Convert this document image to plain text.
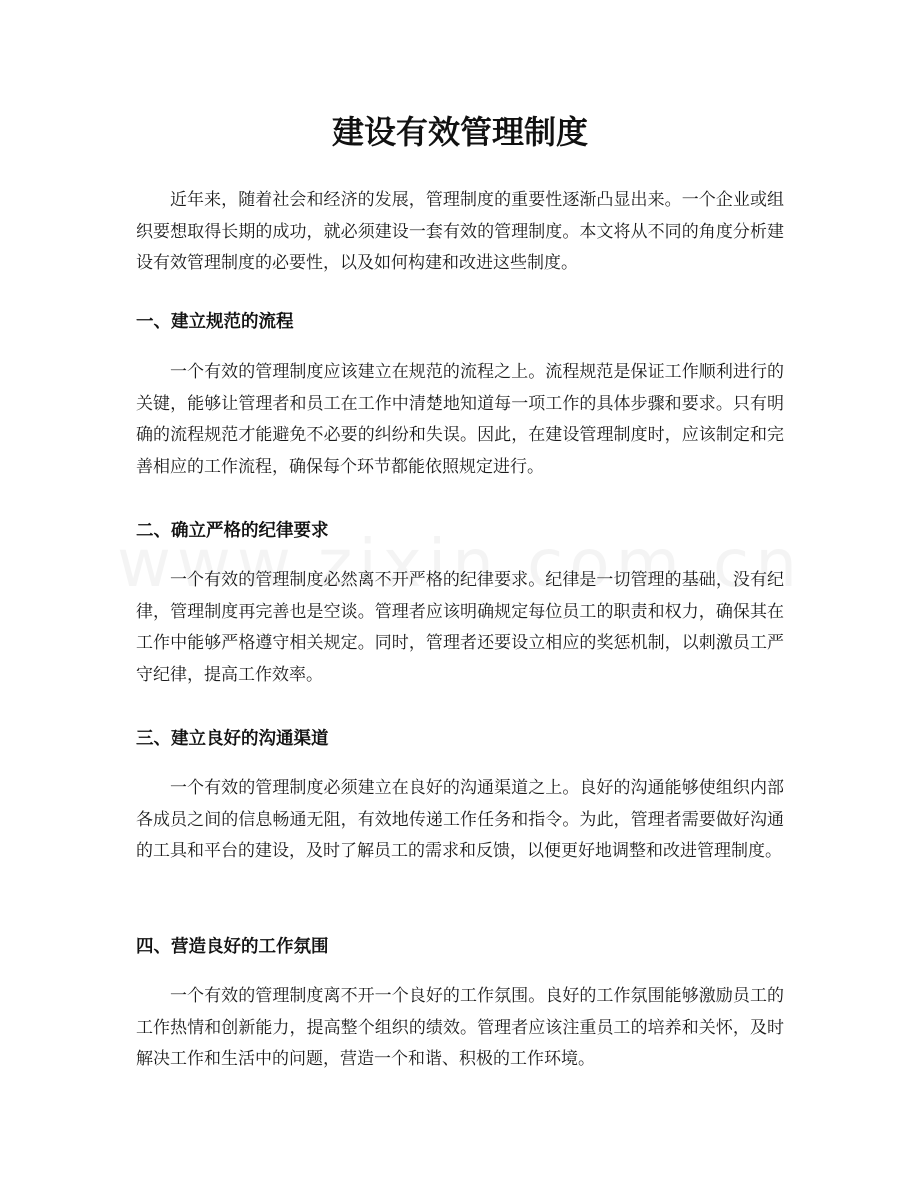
建设有效管理制度

近年来，随着社会和经济的发展，管理制度的重要性逐渐凸显出来。一个企业或组织要想取得长期的成功，就必须建设一套有效的管理制度。本文将从不同的角度分析建设有效管理制度的必要性，以及如何构建和改进这些制度。

一、建立规范的流程

一个有效的管理制度应该建立在规范的流程之上。流程规范是保证工作顺利进行的关键，能够让管理者和员工在工作中清楚地知道每一项工作的具体步骤和要求。只有明确的流程规范才能避免不必要的纠纷和失误。因此，在建设管理制度时，应该制定和完善相应的工作流程，确保每个环节都能依照规定进行。

二、确立严格的纪律要求

一个有效的管理制度必然离不开严格的纪律要求。纪律是一切管理的基础，没有纪律，管理制度再完善也是空谈。管理者应该明确规定每位员工的职责和权力，确保其在工作中能够严格遵守相关规定。同时，管理者还要设立相应的奖惩机制，以刺激员工严守纪律，提高工作效率。

三、建立良好的沟通渠道

一个有效的管理制度必须建立在良好的沟通渠道之上。良好的沟通能够使组织内部各成员之间的信息畅通无阻，有效地传递工作任务和指令。为此，管理者需要做好沟通的工具和平台的建设，及时了解员工的需求和反馈，以便更好地调整和改进管理制度。

四、营造良好的工作氛围

一个有效的管理制度离不开一个良好的工作氛围。良好的工作氛围能够激励员工的工作热情和创新能力，提高整个组织的绩效。管理者应该注重员工的培养和关怀，及时解决工作和生活中的问题，营造一个和谐、积极的工作环境。
